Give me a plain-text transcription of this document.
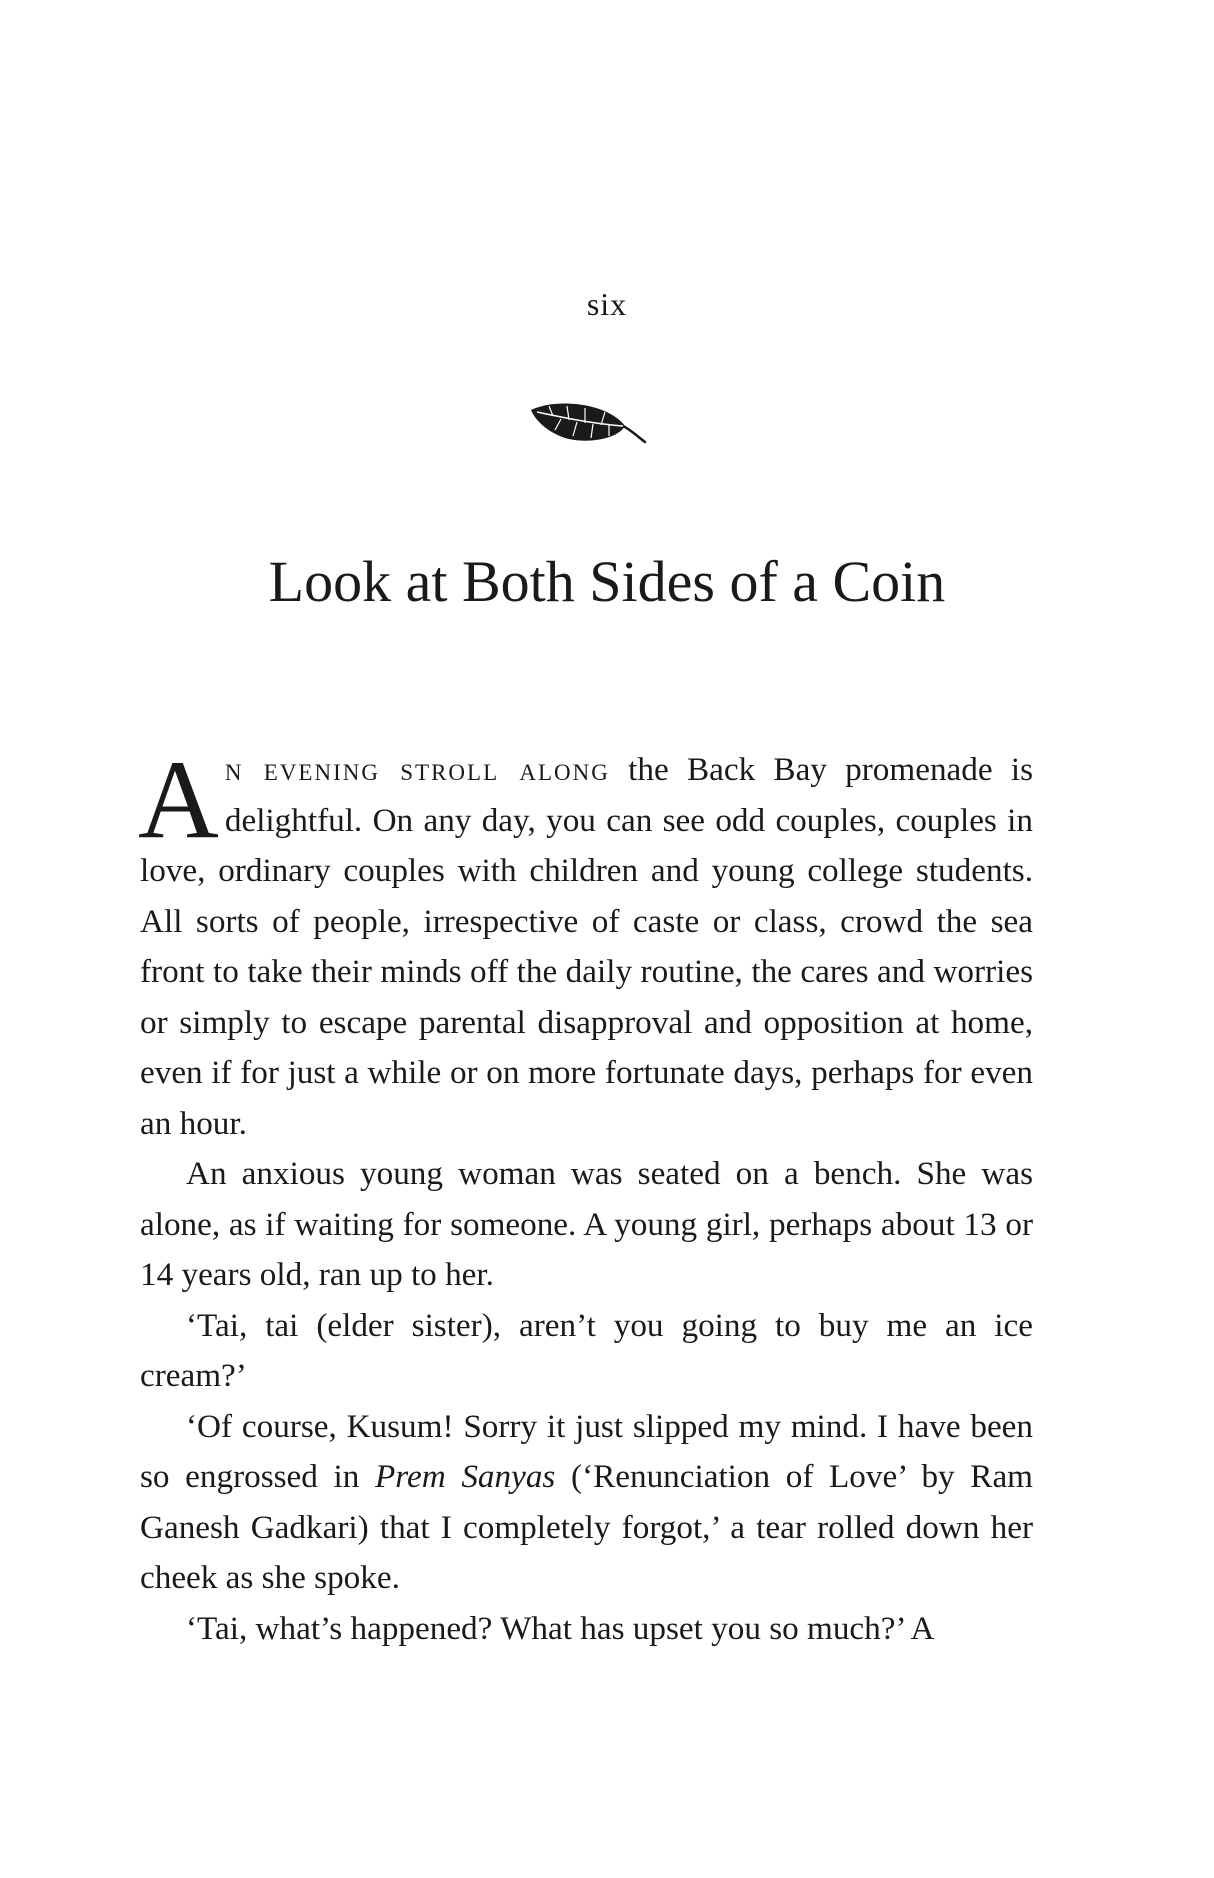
six
Look at Both Sides of a Coin

An evening stroll along the Back Bay promenade is delightful. On any day, you can see odd couples, couples in love, ordinary couples with children and young college students. All sorts of people, irrespective of caste or class, crowd the sea front to take their minds off the daily routine, the cares and worries or simply to escape parental disapproval and opposition at home, even if for just a while or on more fortunate days, perhaps for even an hour.

An anxious young woman was seated on a bench. She was alone, as if waiting for someone. A young girl, perhaps about 13 or 14 years old, ran up to her.

‘Tai, tai (elder sister), aren’t you going to buy me an ice cream?’

‘Of course, Kusum! Sorry it just slipped my mind. I have been so engrossed in Prem Sanyas (‘Renunciation of Love’ by Ram Ganesh Gadkari) that I completely forgot,’ a tear rolled down her cheek as she spoke.

‘Tai, what’s happened? What has upset you so much?’ A
